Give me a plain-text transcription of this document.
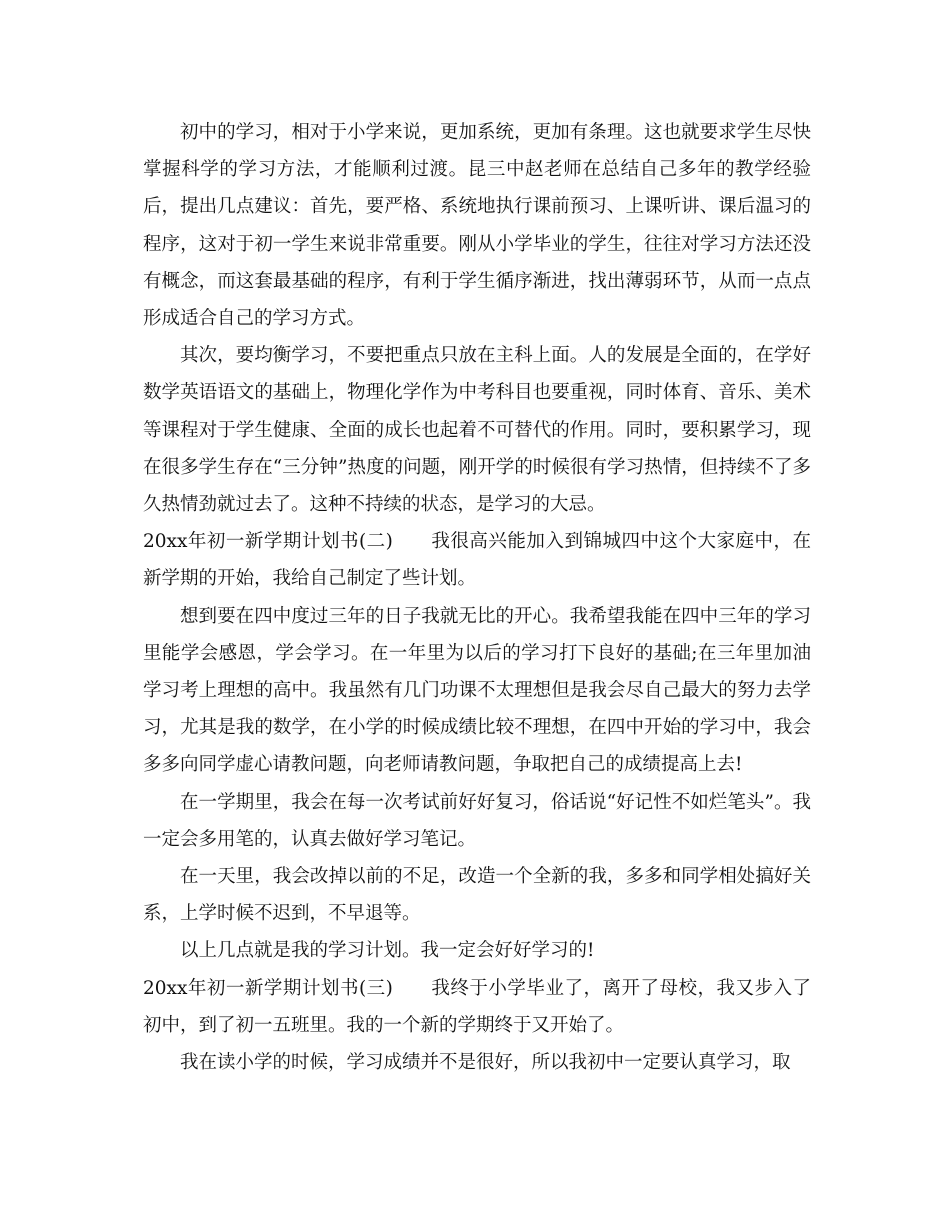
初中的学习，相对于小学来说，更加系统，更加有条理。这也就要求学生尽快掌握科学的学习方法，才能顺利过渡。昆三中赵老师在总结自己多年的教学经验后，提出几点建议：首先，要严格、系统地执行课前预习、上课听讲、课后温习的程序，这对于初一学生来说非常重要。刚从小学毕业的学生，往往对学习方法还没有概念，而这套最基础的程序，有利于学生循序渐进，找出薄弱环节，从而一点点形成适合自己的学习方式。

其次，要均衡学习，不要把重点只放在主科上面。人的发展是全面的，在学好数学英语语文的基础上，物理化学作为中考科目也要重视，同时体育、音乐、美术等课程对于学生健康、全面的成长也起着不可替代的作用。同时，要积累学习，现在很多学生存在“三分钟”热度的问题，刚开学的时候很有学习热情，但持续不了多久热情劲就过去了。这种不持续的状态，是学习的大忌。

20xx年初一新学期计划书(二) 我很高兴能加入到锦城四中这个大家庭中，在新学期的开始，我给自己制定了些计划。

想到要在四中度过三年的日子我就无比的开心。我希望我能在四中三年的学习里能学会感恩，学会学习。在一年里为以后的学习打下良好的基础;在三年里加油学习考上理想的高中。我虽然有几门功课不太理想但是我会尽自己最大的努力去学习，尤其是我的数学，在小学的时候成绩比较不理想，在四中开始的学习中，我会多多向同学虚心请教问题，向老师请教问题，争取把自己的成绩提高上去!

在一学期里，我会在每一次考试前好好复习，俗话说“好记性不如烂笔头”。我一定会多用笔的，认真去做好学习笔记。

在一天里，我会改掉以前的不足，改造一个全新的我，多多和同学相处搞好关系，上学时候不迟到，不早退等。

以上几点就是我的学习计划。我一定会好好学习的!

20xx年初一新学期计划书(三) 我终于小学毕业了，离开了母校，我又步入了初中，到了初一五班里。我的一个新的学期终于又开始了。

我在读小学的时候，学习成绩并不是很好，所以我初中一定要认真学习，取
